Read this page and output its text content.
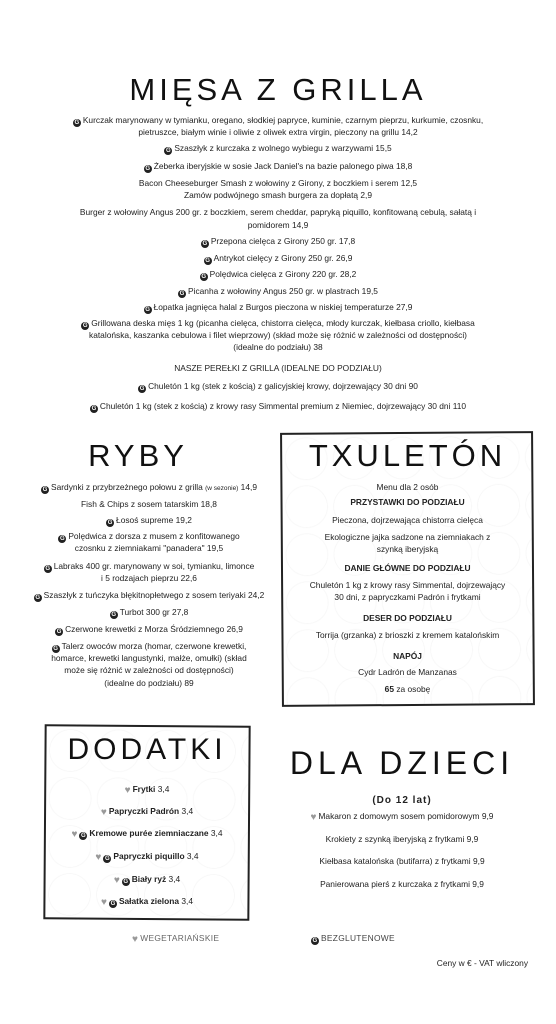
MIĘSA Z GRILLA
G Kurczak marynowany w tymianku, oregano, słodkiej papryce, kuminie, czarnym pieprzu, kurkumie, czosnku,
pietruszce, białym winie i oliwie z oliwek extra virgin, pieczony na grillu 14,2
G Szaszłyk z kurczaka z wolnego wybiegu z warzywami 15,5
G Żeberka iberyjskie w sosie Jack Daniel's na bazie palonego piwa 18,8
Bacon Cheeseburger Smash z wołowiny z Girony, z boczkiem i serem 12,5
Zamów podwójnego smash burgera za dopłatą 2,9
Burger z wołowiny Angus 200 gr. z boczkiem, serem cheddar, papryką piquillo, konfitowaną cebulą, sałatą i
pomidorem 14,9
G Przepona cielęca z Girony 250 gr. 17,8
G Antrykot cielęcy z Girony 250 gr. 26,9
G Polędwica cielęca z Girony 220 gr. 28,2
G Picanha z wołowiny Angus 250 gr. w plastrach 19,5
G Łopatka jagnięca halal z Burgos pieczona w niskiej temperaturze 27,9
G Grillowana deska mięs 1 kg (picanha cielęca, chistorra cielęca, młody kurczak, kiełbasa criollo, kiełbasa
katalońska, kaszanka cebulowa i filet wieprzowy) (skład może się różnić w zależności od dostępności)
(idealne do podziału) 38
NASZE PEREŁKI Z GRILLA (IDEALNE DO PODZIAŁU)
G Chuletón 1 kg (stek z kością) z galicyjskiej krowy, dojrzewający 30 dni 90
G Chuletón 1 kg (stek z kością) z krowy rasy Simmental premium z Niemiec, dojrzewający 30 dni 110
RYBY
G Sardynki z przybrzeżnego połowu z grilla (w sezonie) 14,9
Fish & Chips z sosem tatarskim 18,8
G Łosoś supreme 19,2
G Polędwica z dorsza z musem z konfitowanego
czosnku z ziemniakami "panadera" 19,5
G Labraks 400 gr. marynowany w soi, tymianku, limonce
i 5 rodzajach pieprzu 22,6
G Szaszłyk z tuńczyka błękitnopłetwego z sosem teriyaki 24,2
G Turbot 300 gr 27,8
G Czerwone krewetki z Morza Śródziemnego 26,9
G Talerz owoców morza (homar, czerwone krewetki,
homarce, krewetki langustynki, małże, omułki) (skład
może się różnić w zależności od dostępności)
(idealne do podziału) 89
TXULETÓN
Menu dla 2 osób
PRZYSTAWKI DO PODZIAŁU
Pieczona, dojrzewająca chistorra cielęca
Ekologiczne jajka sadzone na ziemniakach z
szynką iberyjską
DANIE GŁÓWNE DO PODZIAŁU
Chuletón 1 kg z krowy rasy Simmental, dojrzewający
30 dni, z papryczkami Padrón i frytkami
DESER DO PODZIAŁU
Torrija (grzanka) z brioszki z kremem katalońskim
NAPÓJ
Cydr Ladrón de Manzanas
65 za osobę
DODATKI
♥ Frytki 3,4
♥ Papryczki Padrón 3,4
♥ G Kremowe purée ziemniaczane 3,4
♥ G Papryczki piquillo 3,4
♥ G Biały ryż 3,4
♥ G Sałatka zielona 3,4
DLA DZIECI
(Do 12 lat)
♥ Makaron z domowym sosem pomidorowym 9,9
Krokiety z szynką iberyjską z frytkami 9,9
Kiełbasa katalońska (butifarra) z frytkami 9,9
Panierowana pierś z kurczaka z frytkami 9,9
♥ WEGETARIAŃSKIE	G BEZGLUTENOWE
Ceny w € - VAT wliczony
